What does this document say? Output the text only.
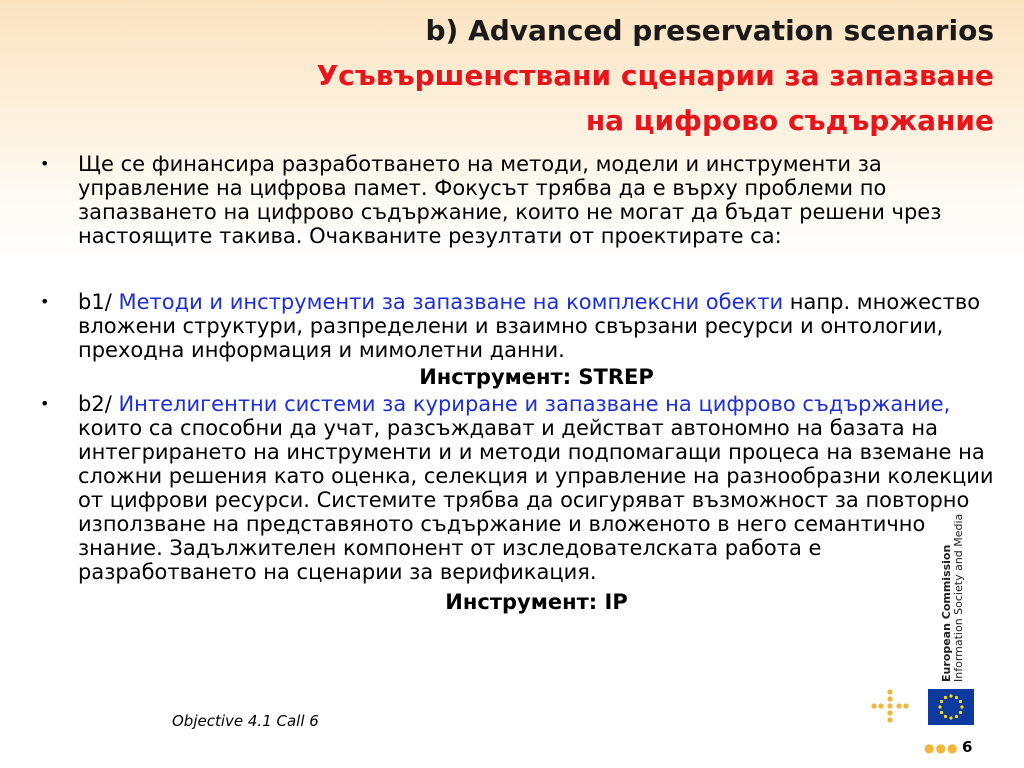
b) Advanced preservation scenarios
Усъвършенствани сценарии за запазване
на цифрово съдържание
• Ще се финансира разработването на методи, модели и инструменти за управление на цифрова памет. Фокусът трябва да е върху проблеми по запазването на цифрово съдържание, които не могат да бъдат решени чрез настоящите такива. Очакваните резултати от проектирате са:
• b1/ Методи и инструменти за запазване на комплексни обекти напр. множество вложени структури, разпределени и взаимно свързани ресурси и онтологии, преходна информация и мимолетни данни.
Инструмент: STREP
• b2/ Интелигентни системи за куриране и запазване на цифрово съдържание, които са способни да учат, разсъждават и действат автономно на базата на интегрирането на инструменти и и методи подпомагащи процеса на вземане на сложни решения като оценка, селекция и управление на разнообразни колекции от цифрови ресурси. Системите трябва да осигуряват възможност за повторно използване на представяното съдържание и вложеното в него семантично знание. Задължителен компонент от изследователската работа е разработването на сценарии за верификация.
Инструмент: IP
Objective 4.1 Call 6
European Commission Information Society and Media
●●● 6
